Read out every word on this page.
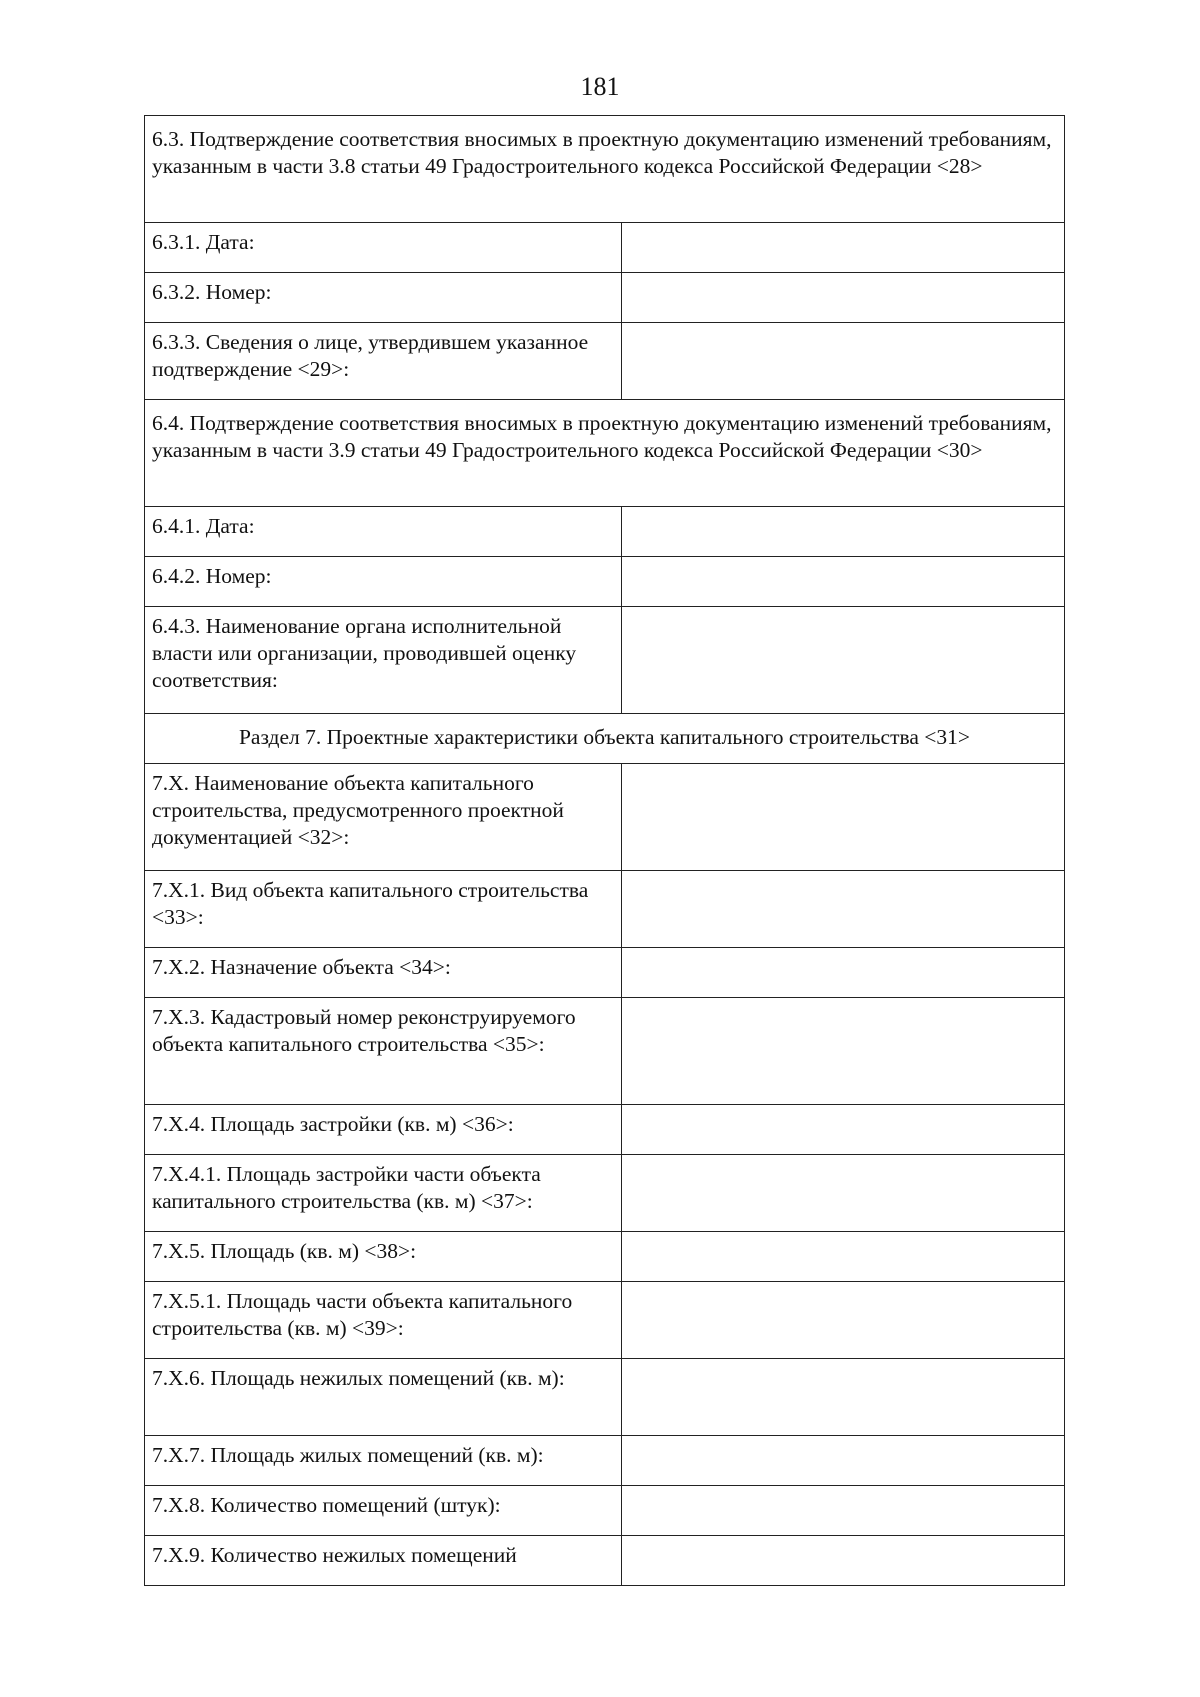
181
6.3. Подтверждение соответствия вносимых в проектную документацию изменений требованиям, указанным в части 3.8 статьи 49 Градостроительного кодекса Российской Федерации <28>	
6.3.1. Дата:	
6.3.2. Номер:	
6.3.3. Сведения о лице, утвердившем указанное подтверждение <29>:	
6.4. Подтверждение соответствия вносимых в проектную документацию изменений требованиям, указанным в части 3.9 статьи 49 Градостроительного кодекса Российской Федерации <30>	
6.4.1. Дата:	
6.4.2. Номер:	
6.4.3. Наименование органа исполнительной власти или организации, проводившей оценку соответствия:	
Раздел 7. Проектные характеристики объекта капитального строительства <31>	
7.X. Наименование объекта капитального строительства, предусмотренного проектной документацией <32>:	
7.X.1. Вид объекта капитального строительства <33>:	
7.X.2. Назначение объекта <34>:	
7.X.3. Кадастровый номер реконструируемого объекта капитального строительства <35>:	
7.X.4. Площадь застройки (кв. м) <36>:	
7.X.4.1. Площадь застройки части объекта капитального строительства (кв. м) <37>:	
7.X.5. Площадь (кв. м) <38>:	
7.X.5.1. Площадь части объекта капитального строительства (кв. м) <39>:	
7.X.6. Площадь нежилых помещений (кв. м):	
7.X.7. Площадь жилых помещений (кв. м):	
7.X.8. Количество помещений (штук):	
7.X.9. Количество нежилых помещений	
